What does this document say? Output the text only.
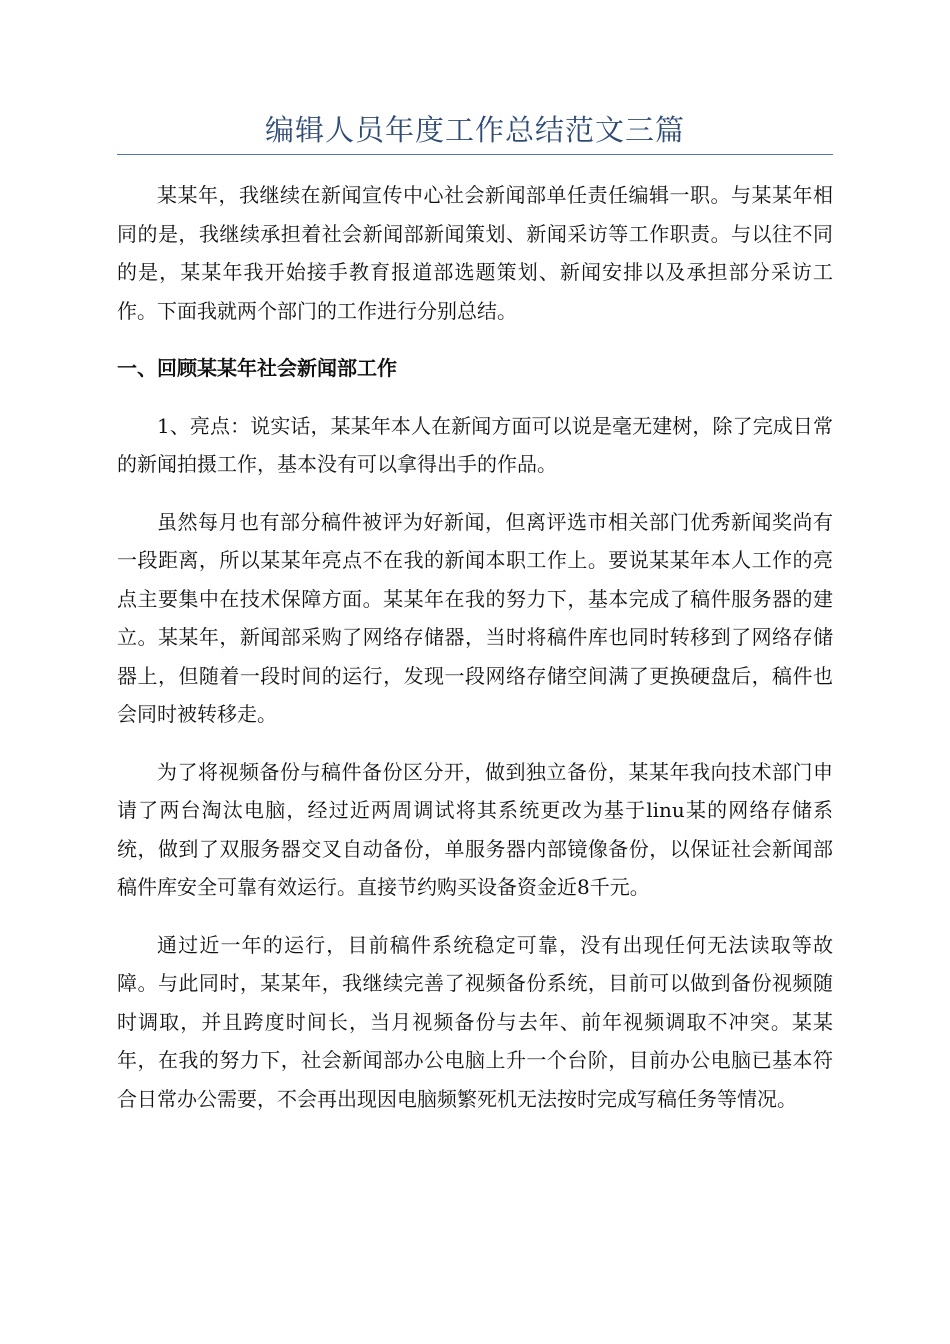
编辑人员年度工作总结范文三篇

某某年，我继续在新闻宣传中心社会新闻部单任责任编辑一职。与某某年相同的是，我继续承担着社会新闻部新闻策划、新闻采访等工作职责。与以往不同的是，某某年我开始接手教育报道部选题策划、新闻安排以及承担部分采访工作。下面我就两个部门的工作进行分别总结。

一、回顾某某年社会新闻部工作

1、亮点：说实话，某某年本人在新闻方面可以说是毫无建树，除了完成日常的新闻拍摄工作，基本没有可以拿得出手的作品。

虽然每月也有部分稿件被评为好新闻，但离评选市相关部门优秀新闻奖尚有一段距离，所以某某年亮点不在我的新闻本职工作上。要说某某年本人工作的亮点主要集中在技术保障方面。某某年在我的努力下，基本完成了稿件服务器的建立。某某年，新闻部采购了网络存储器，当时将稿件库也同时转移到了网络存储器上，但随着一段时间的运行，发现一段网络存储空间满了更换硬盘后，稿件也会同时被转移走。

为了将视频备份与稿件备份区分开，做到独立备份，某某年我向技术部门申请了两台淘汰电脑，经过近两周调试将其系统更改为基于linu某的网络存储系统，做到了双服务器交叉自动备份，单服务器内部镜像备份，以保证社会新闻部稿件库安全可靠有效运行。直接节约购买设备资金近8千元。

通过近一年的运行，目前稿件系统稳定可靠，没有出现任何无法读取等故障。与此同时，某某年，我继续完善了视频备份系统，目前可以做到备份视频随时调取，并且跨度时间长，当月视频备份与去年、前年视频调取不冲突。某某年，在我的努力下，社会新闻部办公电脑上升一个台阶，目前办公电脑已基本符合日常办公需要，不会再出现因电脑频繁死机无法按时完成写稿任务等情况。
